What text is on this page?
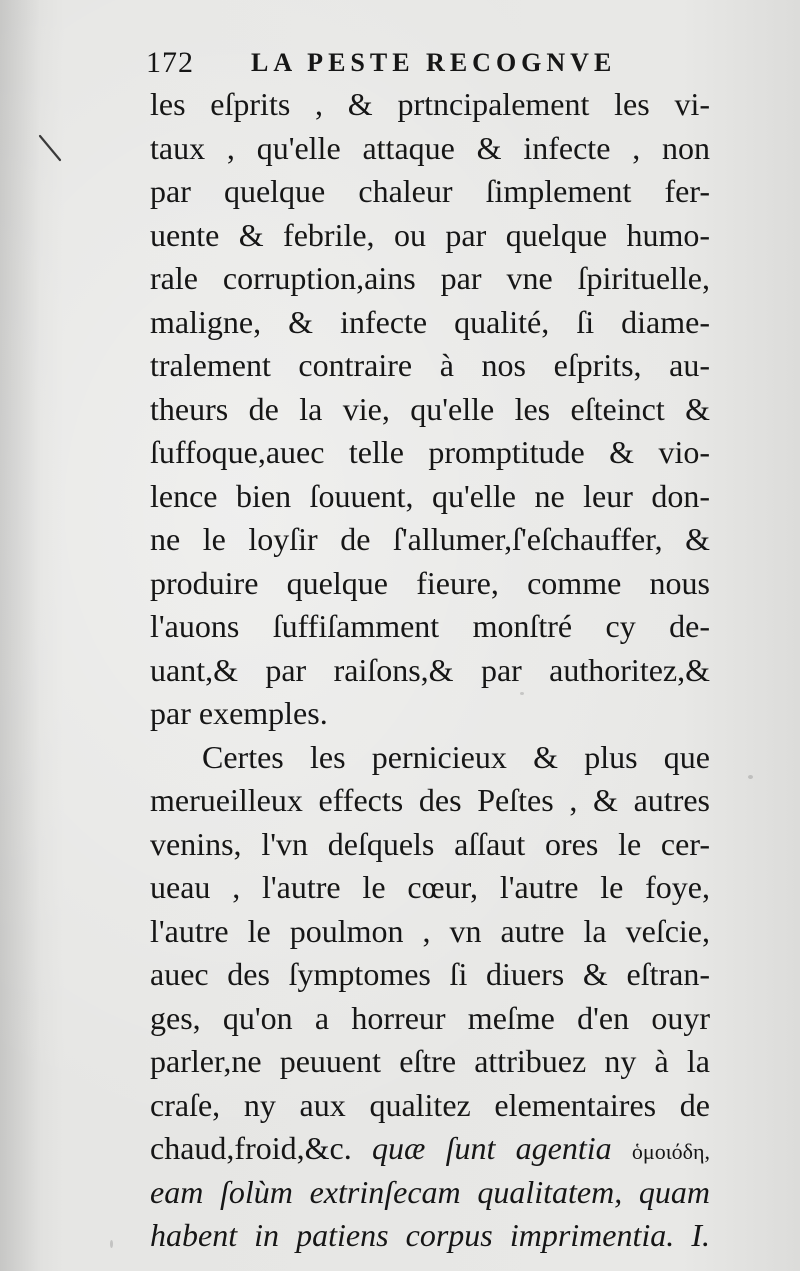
172 LA PESTE RECOGNVE
les eſprits , & prtncipalement les vi-
taux , qu'elle attaque & infecte , non
par quelque chaleur ſimplement fer-
uente & febrile, ou par quelque humo-
rale corruption,ains par vne ſpirituelle,
maligne, & infecte qualité, ſi diame-
tralement contraire à nos eſprits, au-
theurs de la vie, qu'elle les eſteinct &
ſuffoque,auec telle promptitude & vio-
lence bien ſouuent, qu'elle ne leur don-
ne le loyſir de ſ'allumer,ſ'eſchauffer, &
produire quelque fieure, comme nous
l'auons ſuffiſamment monſtré cy de-
uant,& par raiſons,& par authoritez,&
par exemples.
Certes les pernicieux & plus que
merueilleux effects des Peſtes , & autres
venins, l'vn deſquels aſſaut ores le cer-
ueau , l'autre le cœur, l'autre le foye,
l'autre le poulmon , vn autre la veſcie,
auec des ſymptomes ſi diuers & eſtran-
ges, qu'on a horreur meſme d'en ouyr
parler,ne peuuent eſtre attribuez ny à la
craſe, ny aux qualitez elementaires de
chaud,froid,&c. quæ ſunt agentia ὁμοιόδη,
eam ſolùm extrinſecam qualitatem, quam
habent in patiens corpus imprimentia. I.
